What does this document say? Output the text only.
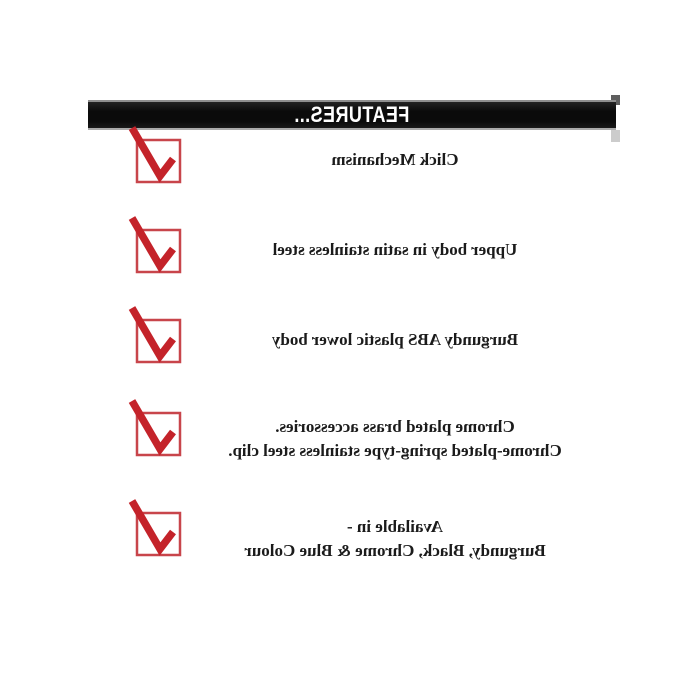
FEATURES...
Click Mechanism
Upper body in satin stainless steel
Burgundy ABS plastic lower body
Chrome plated brass accessories.
Chrome-plated spring-type stainless steel clip.
Available in -
Burgundy, Black, Chrome & Blue Colour
